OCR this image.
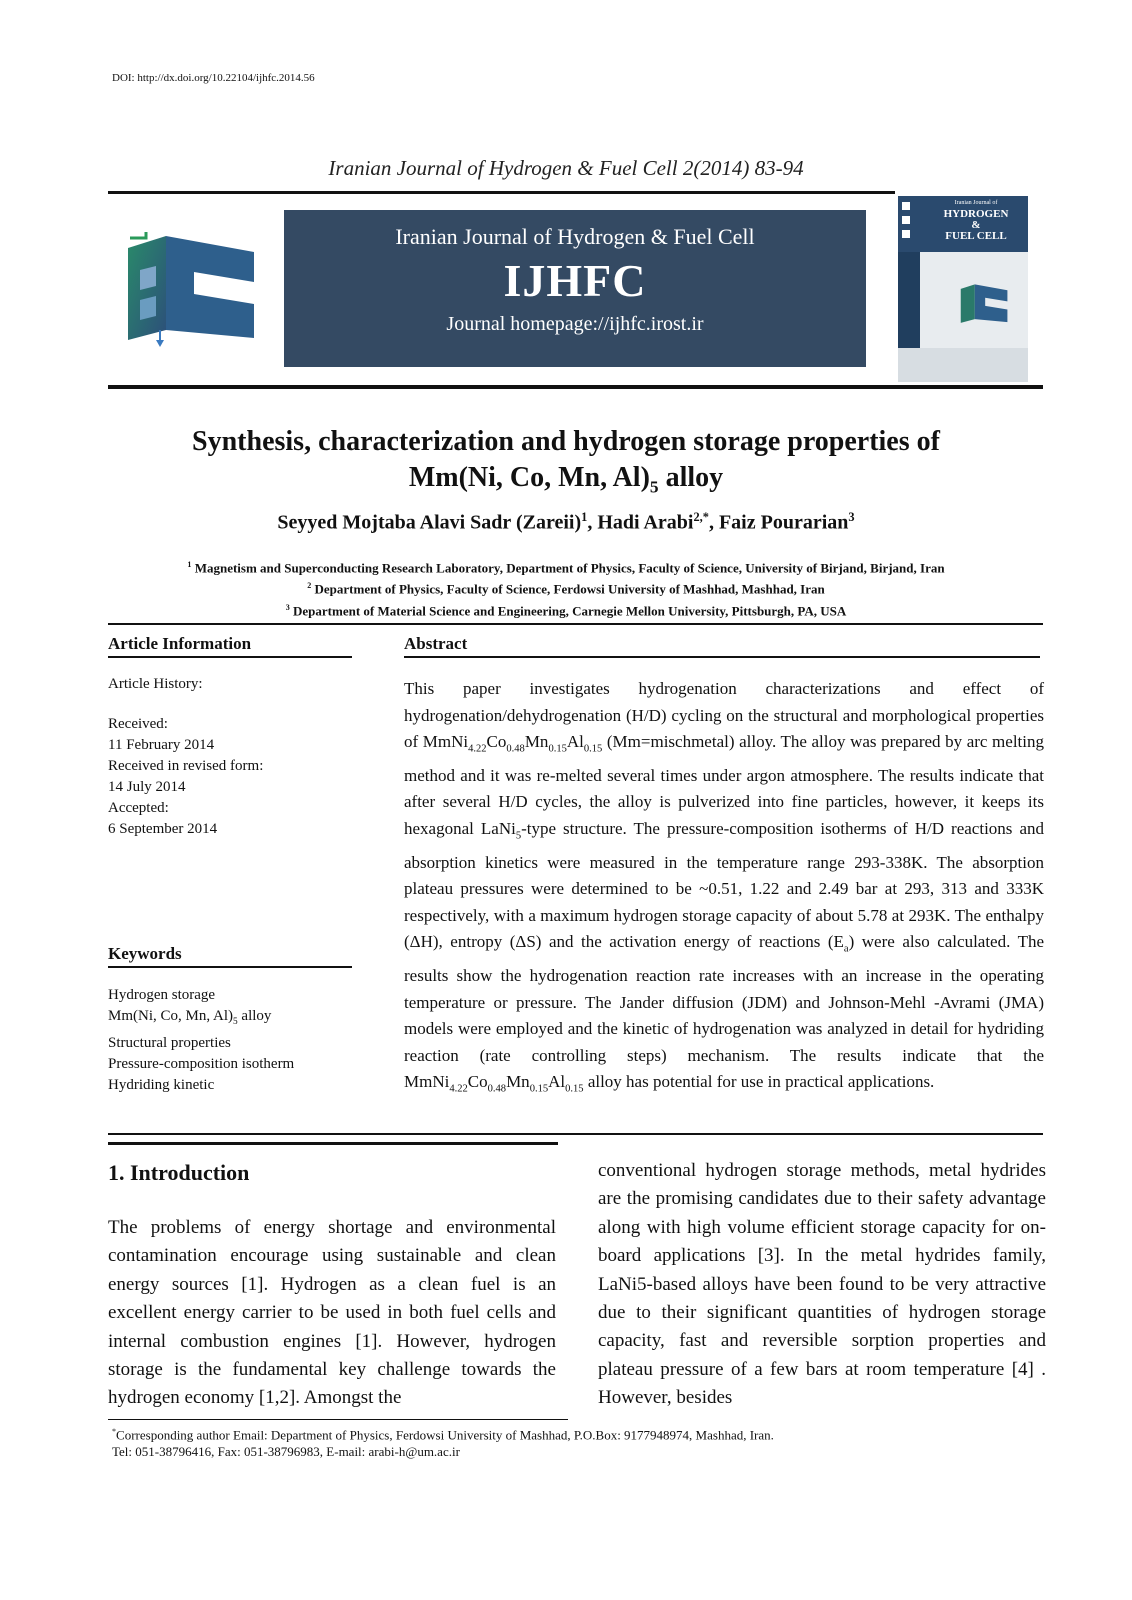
DOI: http://dx.doi.org/10.22104/ijhfc.2014.56
Iranian Journal of Hydrogen & Fuel Cell 2(2014) 83-94
Iranian Journal of Hydrogen & Fuel Cell
IJHFC
Journal homepage://ijhfc.irost.ir
Iranian Journal of
HYDROGEN
&
FUEL CELL
Synthesis, characterization and hydrogen storage properties of
Mm(Ni, Co, Mn, $Al)_5$ alloy
Seyyed Mojtaba Alavi Sadr (Zareii)$^1$, Hadi Arabi$^{2,*}$, Faiz Pourarian$^3$
$^1$ Magnetism and Superconducting Research Laboratory, Department of Physics, Faculty of Science, University of Birjand, Birjand, Iran
$^2$ Department of Physics, Faculty of Science, Ferdowsi University of Mashhad, Mashhad, Iran
$^3$ Department of Material Science and Engineering, Carnegie Mellon University, Pittsburgh, PA, USA
Article Information
Article History:
Received:
11 February 2014
Received in revised form:
14 July 2014
Accepted:
6 September 2014
Keywords
Hydrogen storage
Mm(Ni, Co, Mn, $Al)_5$ alloy
Structural properties
Pressure-composition isotherm
Hydriding kinetic
Abstract
This paper investigates hydrogenation characterizations and effect of hydrogenation/dehydrogenation (H/D) cycling on the structural and morphological properties of $MmNi_{4.22}Co_{0.48}Mn_{0.15}Al_{0.15}$ (Mm=mischmetal) alloy. The alloy was prepared by arc melting method and it was re-melted several times under argon atmosphere. The results indicate that after several H/D cycles, the alloy is pulverized into fine particles, however, it keeps its hexagonal LaNi$_5$-type structure. The pressure-composition isotherms of H/D reactions and absorption kinetics were measured in the temperature range 293-338K. The absorption plateau pressures were determined to be ~0.51, 1.22 and 2.49 bar at 293, 313 and 333K respectively, with a maximum hydrogen storage capacity of about 5.78 at 293K. The enthalpy (ΔH), entropy (ΔS) and the activation energy of reactions $(E_a)$ were also calculated. The results show the hydrogenation reaction rate increases with an increase in the operating temperature or pressure. The Jander diffusion (JDM) and Johnson-Mehl -Avrami (JMA) models were employed and the kinetic of hydrogenation was analyzed in detail for hydriding reaction (rate controlling steps) mechanism. The results indicate that the $MmNi_{4.22}Co_{0.48}Mn_{0.15}Al_{0.15}$ alloy has potential for use in practical applications.
1. Introduction
The problems of energy shortage and environmental contamination encourage using sustainable and clean energy sources [1]. Hydrogen as a clean fuel is an excellent energy carrier to be used in both fuel cells and internal combustion engines [1]. However, hydrogen storage is the fundamental key challenge towards the hydrogen economy [1,2]. Amongst the
conventional hydrogen storage methods, metal hydrides are the promising candidates due to their safety advantage along with high volume efficient storage capacity for on-board applications [3]. In the metal hydrides family, LaNi5-based alloys have been found to be very attractive due to their significant quantities of hydrogen storage capacity, fast and reversible sorption properties and plateau pressure of a few bars at room temperature [4] . However, besides
*Corresponding author Email: Department of Physics, Ferdowsi University of Mashhad, P.O.Box: 9177948974, Mashhad, Iran.
Tel: 051-38796416, Fax: 051-38796983, E-mail: arabi-h@um.ac.ir
